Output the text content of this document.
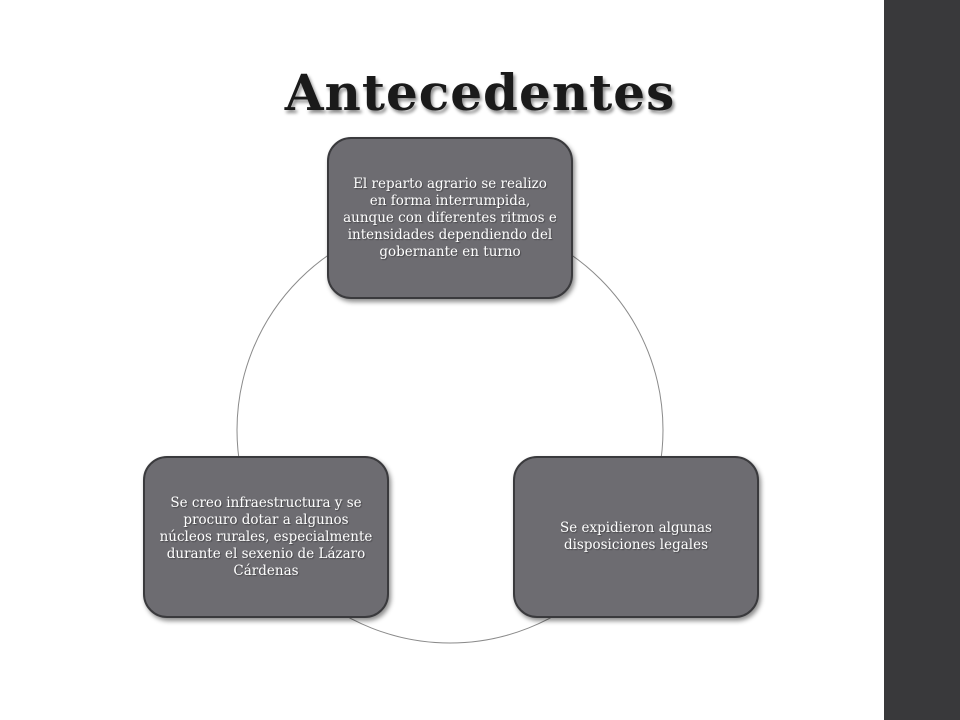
Antecedentes
El reparto agrario se realizo en forma interrumpida, aunque con diferentes ritmos e intensidades dependiendo del gobernante en turno
Se expidieron algunas disposiciones legales
Se creo infraestructura y se procuro dotar a algunos núcleos rurales, especialmente durante el sexenio de Lázaro Cárdenas
